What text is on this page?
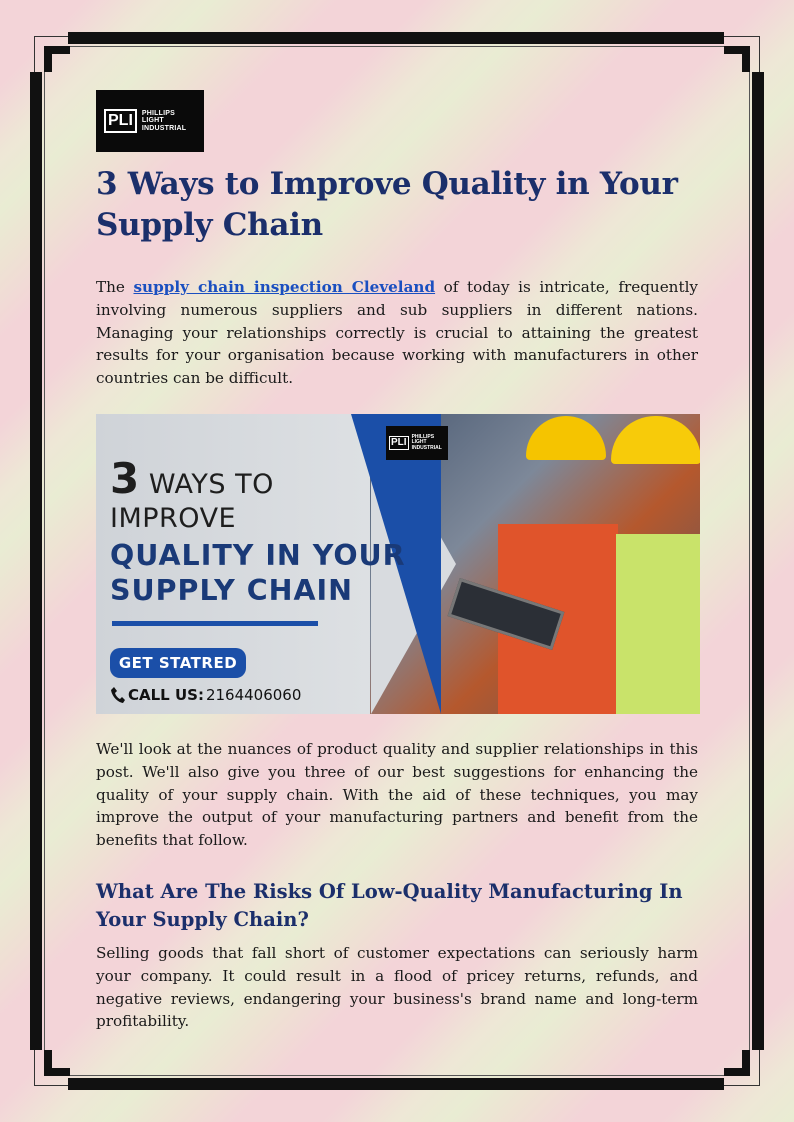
PLI	PHILLIPS
LIGHT
INDUSTRIAL
3 Ways to Improve Quality in Your Supply Chain

The supply chain inspection Cleveland of today is intricate, frequently involving numerous suppliers and sub suppliers in different nations. Managing your relationships correctly is crucial to attaining the greatest results for your organisation because working with manufacturers in other countries can be difficult.

PLI	PHILLIPS
LIGHT
INDUSTRIAL
3 WAYS TO
IMPROVE
QUALITY IN YOUR
SUPPLY CHAIN
GET STATRED
CALL US: 2164406060

We'll look at the nuances of product quality and supplier relationships in this post. We'll also give you three of our best suggestions for enhancing the quality of your supply chain. With the aid of these techniques, you may improve the output of your manufacturing partners and benefit from the benefits that follow.

What Are The Risks Of Low-Quality Manufacturing In Your Supply Chain?

Selling goods that fall short of customer expectations can seriously harm your company. It could result in a flood of pricey returns, refunds, and negative reviews, endangering your business's brand name and long-term profitability.
